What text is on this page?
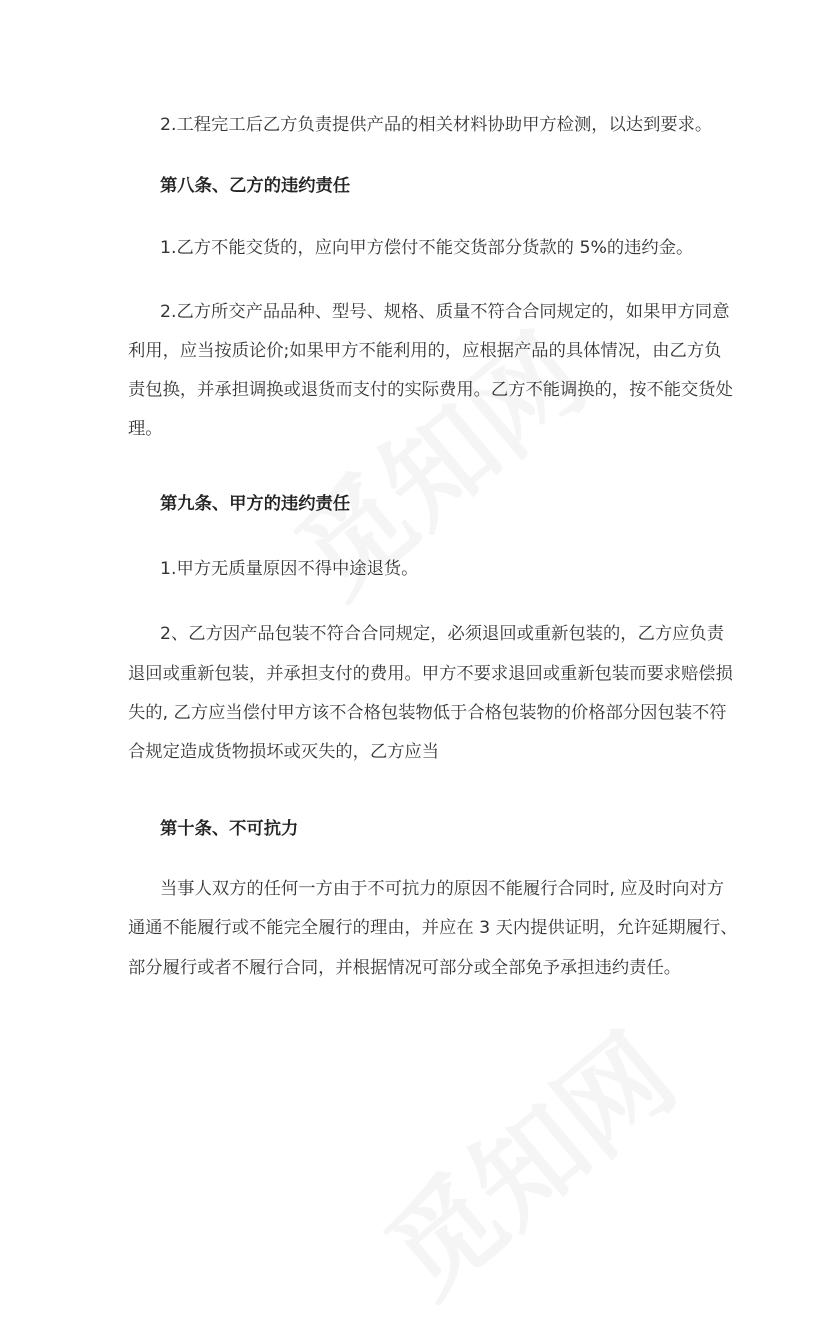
2.工程完工后乙方负责提供产品的相关材料协助甲方检测，以达到要求。
第八条、乙方的违约责任
1.乙方不能交货的，应向甲方偿付不能交货部分货款的 5%的违约金。
2.乙方所交产品品种、型号、规格、质量不符合合同规定的，如果甲方同意
利用，应当按质论价;如果甲方不能利用的，应根据产品的具体情况，由乙方负
责包换，并承担调换或退货而支付的实际费用。乙方不能调换的，按不能交货处
理。
第九条、甲方的违约责任
1.甲方无质量原因不得中途退货。
2、乙方因产品包装不符合合同规定，必须退回或重新包装的，乙方应负责
退回或重新包装，并承担支付的费用。甲方不要求退回或重新包装而要求赔偿损
失的, 乙方应当偿付甲方该不合格包装物低于合格包装物的价格部分因包装不符
合规定造成货物损坏或灭失的，乙方应当
第十条、不可抗力
当事人双方的任何一方由于不可抗力的原因不能履行合同时, 应及时向对方
通通不能履行或不能完全履行的理由，并应在 3 天内提供证明，允许延期履行、
部分履行或者不履行合同，并根据情况可部分或全部免予承担违约责任。
